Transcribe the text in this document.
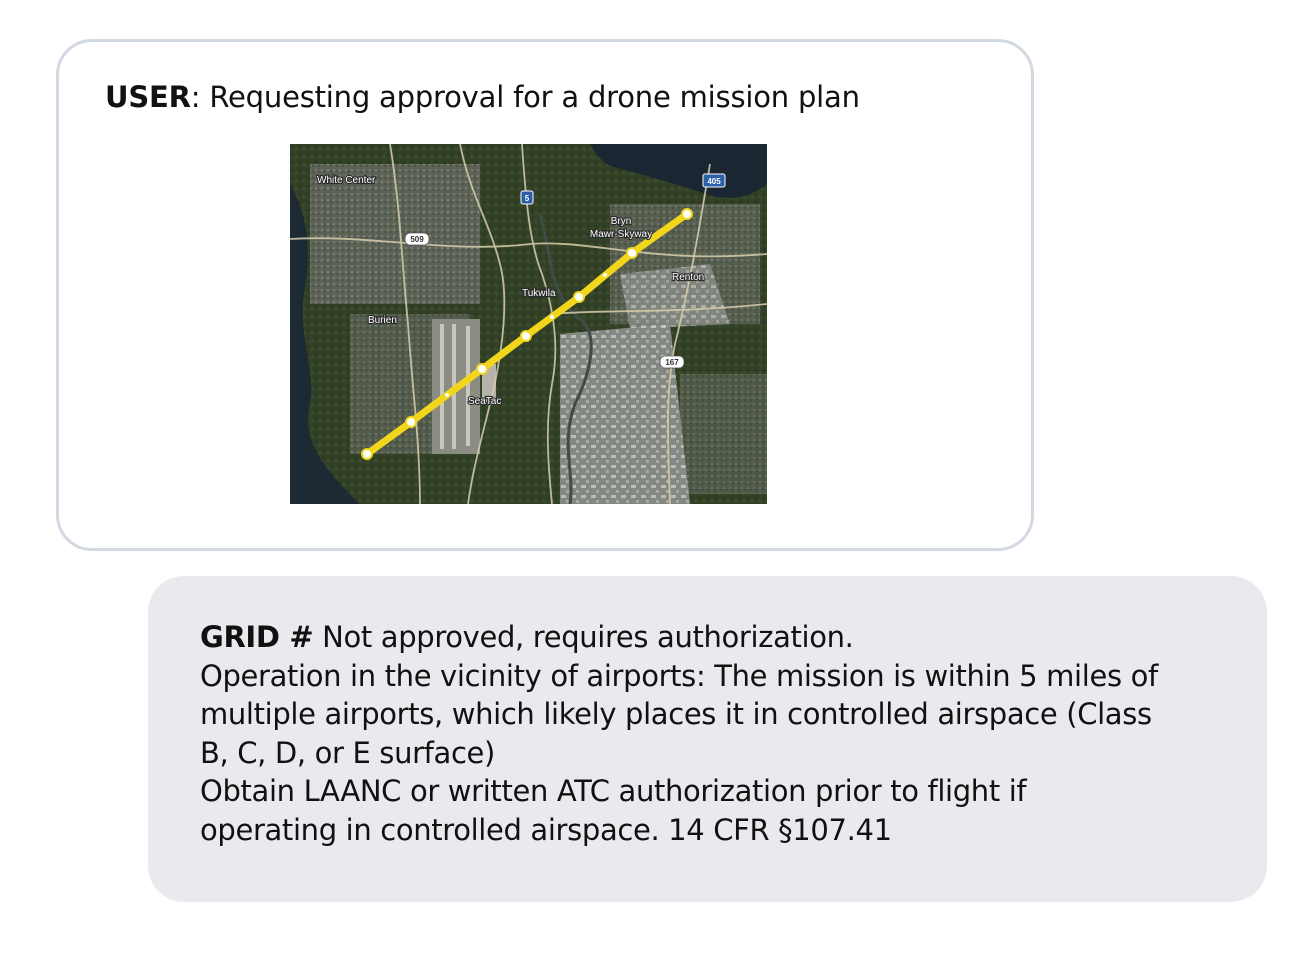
USER: Requesting approval for a drone mission plan
405
5
509
167
White Center
Bryn
Mawr-Skyway
Renton
Tukwila
Burien
SeaTac
GRID # Not approved, requires authorization.
Operation in the vicinity of airports: The mission is within 5 miles of
multiple airports, which likely places it in controlled airspace (Class
B, C, D, or E surface)
Obtain LAANC or written ATC authorization prior to flight if
operating in controlled airspace. 14 CFR §107.41
